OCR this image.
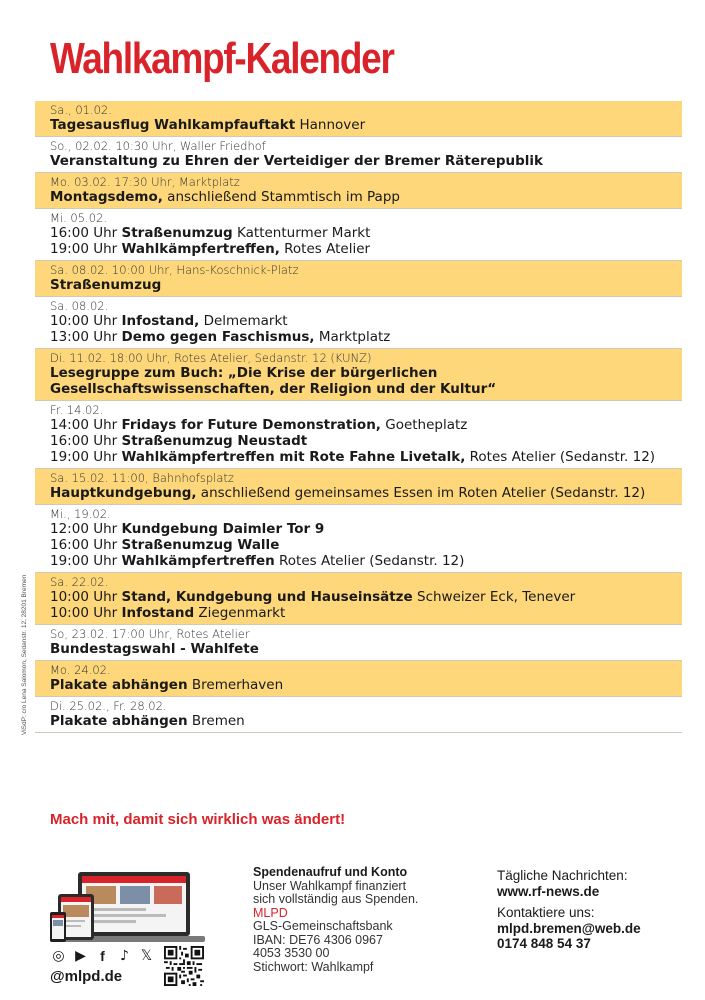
Wahlkampf-Kalender
Sa., 01.02.
Tagesausflug Wahlkampfauftakt Hannover
So., 02.02. 10:30 Uhr, Waller Friedhof
Veranstaltung zu Ehren der Verteidiger der Bremer Räterepublik
Mo. 03.02. 17:30 Uhr, Marktplatz
Montagsdemo, anschließend Stammtisch im Papp
Mi. 05.02.
16:00 Uhr Straßenumzug Kattenturmer Markt
19:00 Uhr Wahlkämpfertreffen, Rotes Atelier
Sa. 08.02. 10:00 Uhr, Hans-Koschnick-Platz
Straßenumzug
Sa. 08.02.
10:00 Uhr Infostand, Delmemarkt
13:00 Uhr Demo gegen Faschismus, Marktplatz
Di. 11.02. 18:00 Uhr, Rotes Atelier, Sedanstr. 12 (KUNZ)
Lesegruppe zum Buch: „Die Krise der bürgerlichen
Gesellschaftswissenschaften, der Religion und der Kultur“
Fr. 14.02.
14:00 Uhr Fridays for Future Demonstration, Goetheplatz
16:00 Uhr Straßenumzug Neustadt
19:00 Uhr Wahlkämpfertreffen mit Rote Fahne Livetalk, Rotes Atelier (Sedanstr. 12)
Sa. 15.02. 11:00, Bahnhofsplatz
Hauptkundgebung, anschließend gemeinsames Essen im Roten Atelier (Sedanstr. 12)
Mi., 19.02.
12:00 Uhr Kundgebung Daimler Tor 9
16:00 Uhr Straßenumzug Walle
19:00 Uhr Wahlkämpfertreffen Rotes Atelier (Sedanstr. 12)
Sa. 22.02.
10:00 Uhr Stand, Kundgebung und Hauseinsätze Schweizer Eck, Tenever
10:00 Uhr Infostand Ziegenmarkt
So, 23.02. 17:00 Uhr, Rotes Atelier
Bundestagswahl - Wahlfete
Mo. 24.02.
Plakate abhängen Bremerhaven
Di. 25.02., Fr. 28.02.
Plakate abhängen Bremen
ViSdP: c/o Lena Salomon, Sedanstr. 12, 28201 Bremen
Mach mit, damit sich wirklich was ändert!
◎ ▶	f	♪ 𝕏
@mlpd.de
Spendenaufruf und Konto
Unser Wahlkampf finanziert
sich vollständig aus Spenden.
MLPD
GLS-Gemeinschaftsbank
IBAN: DE76 4306 0967
4053 3530 00
Stichwort: Wahlkampf
Tägliche Nachrichten:
www.rf-news.de
Kontaktiere uns:
mlpd.bremen@web.de
0174 848 54 37
